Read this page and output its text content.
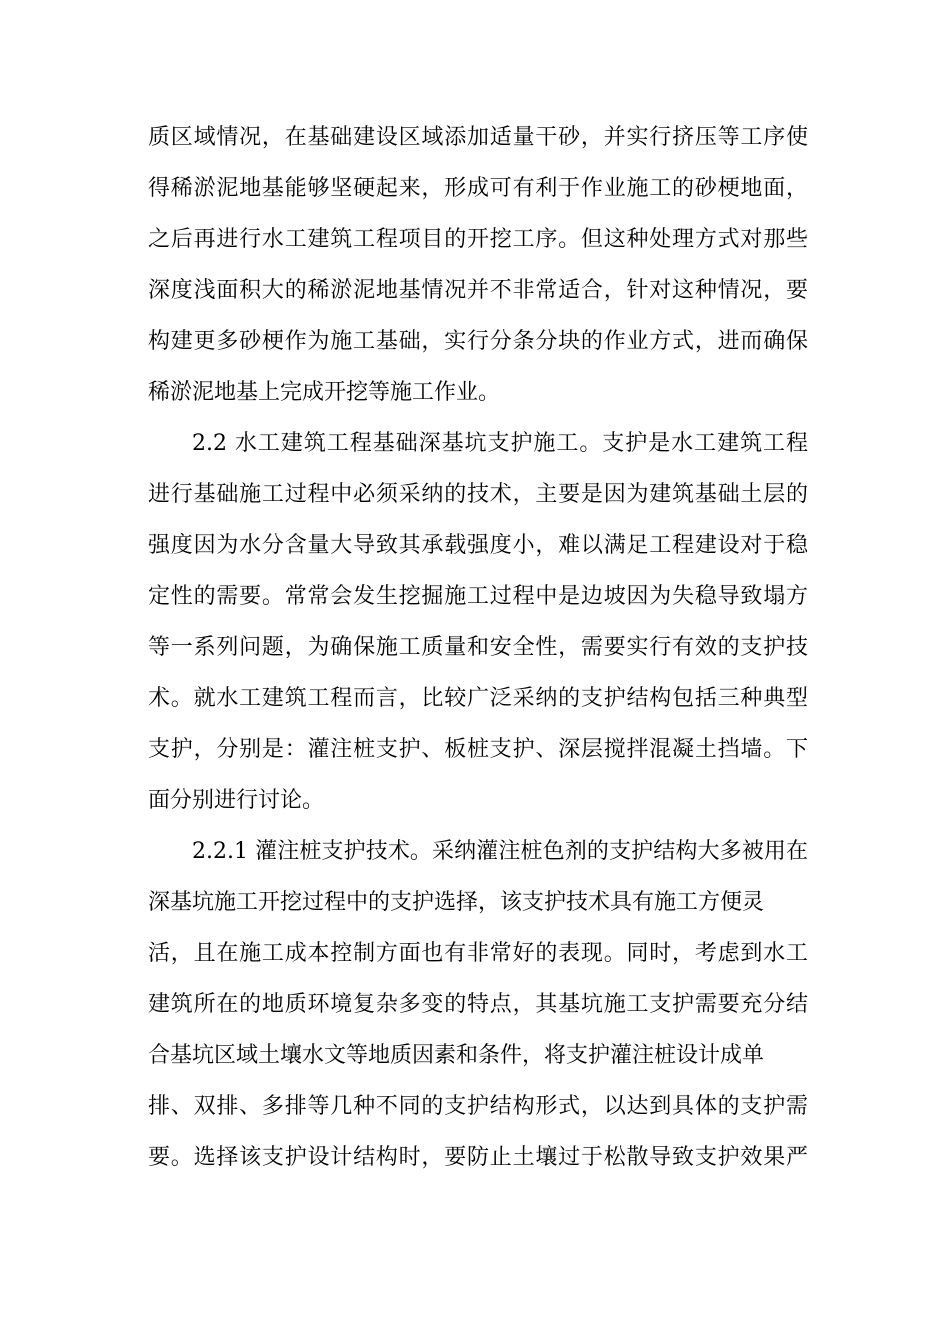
质区域情况，在基础建设区域添加适量干砂，并实行挤压等工序使
得稀淤泥地基能够坚硬起来，形成可有利于作业施工的砂梗地面，
之后再进行水工建筑工程项目的开挖工序。但这种处理方式对那些
深度浅面积大的稀淤泥地基情况并不非常适合，针对这种情况，要
构建更多砂梗作为施工基础，实行分条分块的作业方式，进而确保
稀淤泥地基上完成开挖等施工作业。
2.2 水工建筑工程基础深基坑支护施工。支护是水工建筑工程
进行基础施工过程中必须采纳的技术，主要是因为建筑基础土层的
强度因为水分含量大导致其承载强度小，难以满足工程建设对于稳
定性的需要。常常会发生挖掘施工过程中是边坡因为失稳导致塌方
等一系列问题，为确保施工质量和安全性，需要实行有效的支护技
术。就水工建筑工程而言，比较广泛采纳的支护结构包括三种典型
支护，分别是：灌注桩支护、板桩支护、深层搅拌混凝土挡墙。下
面分别进行讨论。
2.2.1 灌注桩支护技术。采纳灌注桩色剂的支护结构大多被用在
深基坑施工开挖过程中的支护选择，该支护技术具有施工方便灵
活，且在施工成本控制方面也有非常好的表现。同时，考虑到水工
建筑所在的地质环境复杂多变的特点，其基坑施工支护需要充分结
合基坑区域土壤水文等地质因素和条件，将支护灌注桩设计成单
排、双排、多排等几种不同的支护结构形式，以达到具体的支护需
要。选择该支护设计结构时，要防止土壤过于松散导致支护效果严
